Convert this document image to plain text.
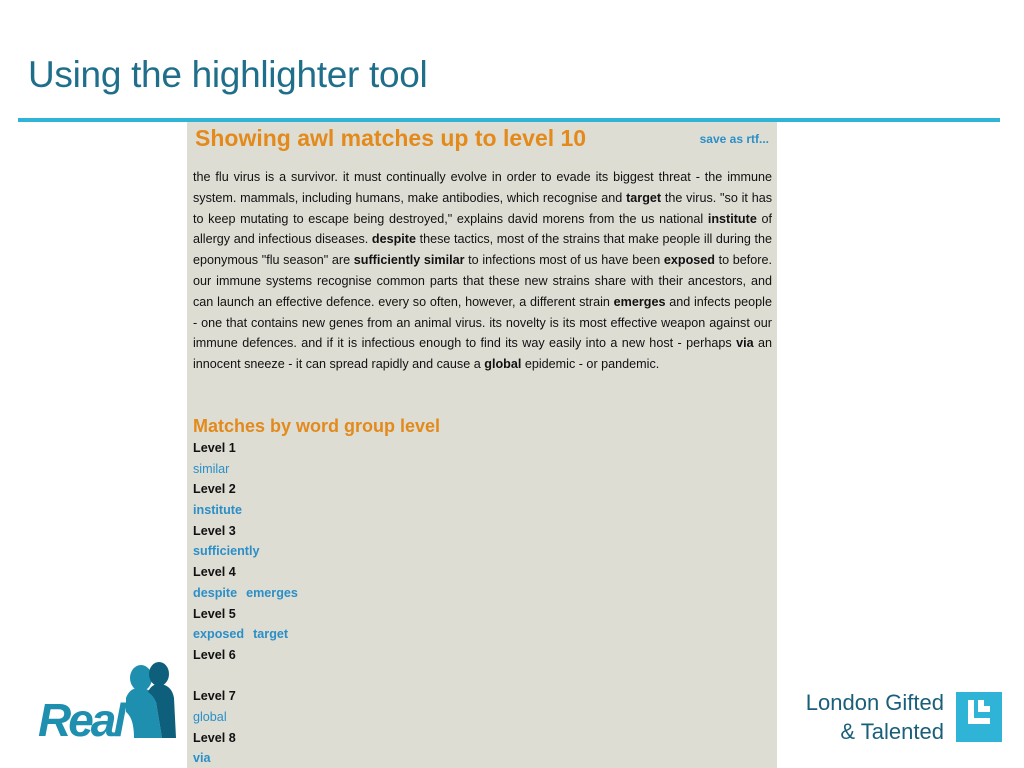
Using the highlighter tool
Showing awl matches up to level 10	save as rtf...
the flu virus is a survivor. it must continually evolve in order to evade its biggest threat - the immune system. mammals, including humans, make antibodies, which recognise and target the virus. "so it has to keep mutating to escape being destroyed," explains david morens from the us national institute of allergy and infectious diseases. despite these tactics, most of the strains that make people ill during the eponymous "flu season" are sufficiently similar to infections most of us have been exposed to before. our immune systems recognise common parts that these new strains share with their ancestors, and can launch an effective defence. every so often, however, a different strain emerges and infects people - one that contains new genes from an animal virus. its novelty is its most effective weapon against our immune defences. and if it is infectious enough to find its way easily into a new host - perhaps via an innocent sneeze - it can spread rapidly and cause a global epidemic - or pandemic.
Matches by word group level
Level 1
similar
Level 2
institute
Level 3
sufficiently
Level 4
despite emerges
Level 5
exposed target
Level 6
Level 7
global
Level 8
via
Real	London Gifted
& Talented
